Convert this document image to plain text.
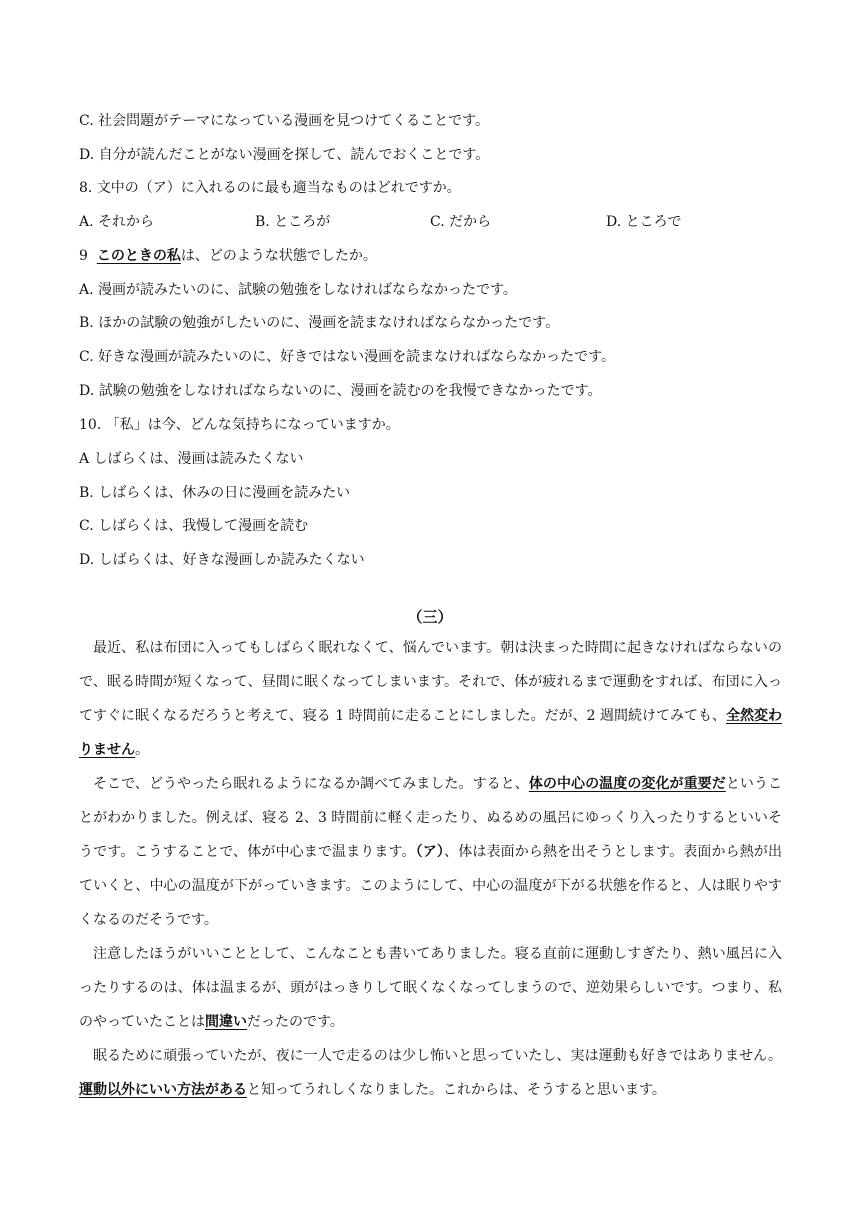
C. 社会問題がテーマになっている漫画を見つけてくることです。
D. 自分が読んだことがない漫画を探して、読んでおくことです。
8. 文中の（ア）に入れるのに最も適当なものはどれですか。
A. それから	B. ところが	C. だから	D. ところで
9 このときの私は、どのような状態でしたか。
A. 漫画が読みたいのに、試験の勉強をしなければならなかったです。
B. ほかの試験の勉強がしたいのに、漫画を読まなければならなかったです。
C. 好きな漫画が読みたいのに、好きではない漫画を読まなければならなかったです。
D. 試験の勉強をしなければならないのに、漫画を読むのを我慢できなかったです。
10. 「私」は今、どんな気持ちになっていますか。
A しばらくは、漫画は読みたくない
B. しばらくは、休みの日に漫画を読みたい
C. しばらくは、我慢して漫画を読む
D. しばらくは、好きな漫画しか読みたくない
（三）
最近、私は布団に入ってもしばらく眠れなくて、悩んでいます。朝は決まった時間に起きなければならないので、眠る時間が短くなって、昼間に眠くなってしまいます。それで、体が疲れるまで運動をすれば、布団に入ってすぐに眠くなるだろうと考えて、寝る 1 時間前に走ることにしました。だが、2 週間続けてみても、全然変わりません。
そこで、どうやったら眠れるようになるか調べてみました。すると、体の中心の温度の変化が重要だということがわかりました。例えば、寝る 2、3 時間前に軽く走ったり、ぬるめの風呂にゆっくり入ったりするといいそうです。こうすることで、体が中心まで温まります。（ア）、体は表面から熱を出そうとします。表面から熱が出ていくと、中心の温度が下がっていきます。このようにして、中心の温度が下がる状態を作ると、人は眠りやすくなるのだそうです。
注意したほうがいいこととして、こんなことも書いてありました。寝る直前に運動しすぎたり、熱い風呂に入ったりするのは、体は温まるが、頭がはっきりして眠くなくなってしまうので、逆効果らしいです。つまり、私のやっていたことは間違いだったのです。
眠るために頑張っていたが、夜に一人で走るのは少し怖いと思っていたし、実は運動も好きではありません。運動以外にいい方法があると知ってうれしくなりました。これからは、そうすると思います。
